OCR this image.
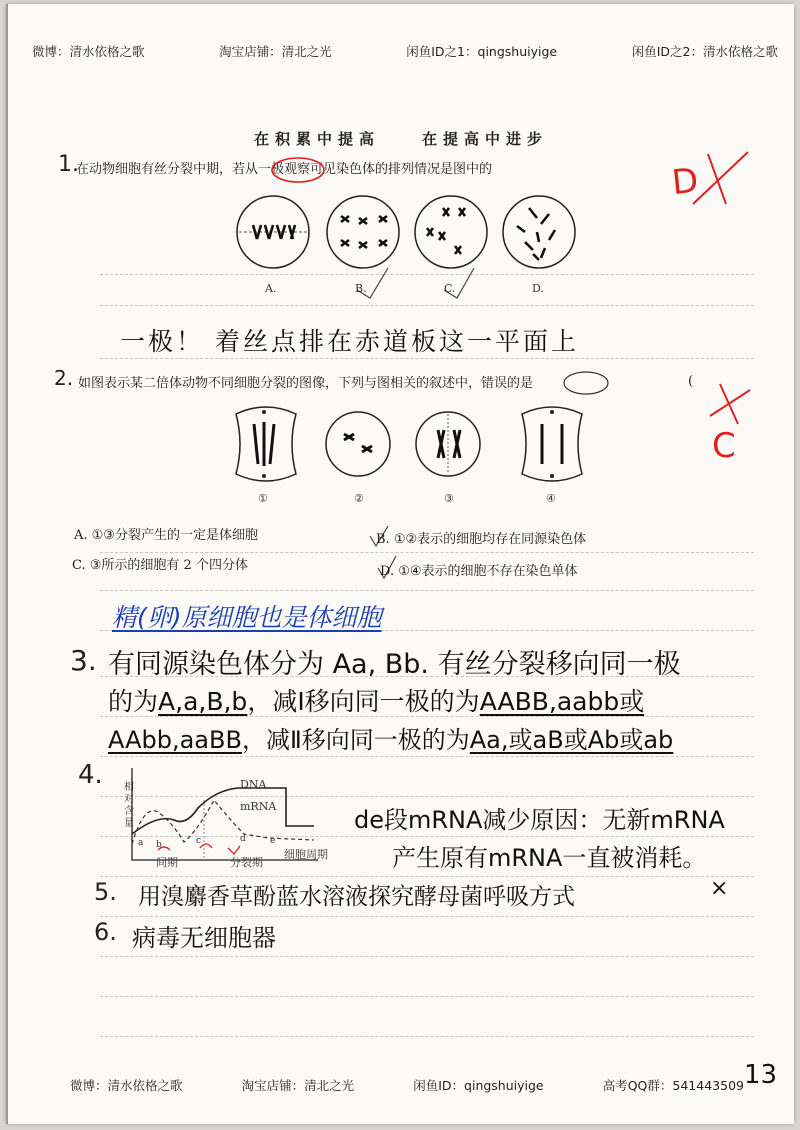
微博：清水依格之歌	淘宝店铺：清北之光	闲鱼ID之1：qingshuiyige	闲鱼ID之2：清水依格之歌
在积累中提高	在提高中进步
1.
在动物细胞有丝分裂中期，若从一极观察可见染色体的排列情况是图中的	D
A.	B.	C.	D.
一极！ 着丝点排在赤道板这一平面上
2. 如图表示某二倍体动物不同细胞分裂的图像，下列与图相关的叙述中，错误的是	(
C
①	②	③	④
A. ①③分裂产生的一定是体细胞	B. ①②表示的细胞均存在同源染色体
C. ③所示的细胞有 2 个四分体	D. ①④表示的细胞不存在染色单体
精(卵)原细胞也是体细胞
3. 有同源染色体分为 Aa, Bb. 有丝分裂移向同一极
的为A,a,B,b，减Ⅰ移向同一极的为AABB,aabb或
AAbb,aaBB，减Ⅱ移向同一极的为Aa,或aB或Ab或ab
4. 相对含量
DNA
mRNA
间期	分裂期
细胞周期
a b	c	d	e
de段mRNA减少原因：无新mRNA
产生原有mRNA一直被消耗。
5. 用溴麝香草酚蓝水溶液探究酵母菌呼吸方式	×
6. 病毒无细胞器
微博：清水依格之歌	淘宝店铺：清北之光	闲鱼ID：qingshuiyige	高考QQ群：541443509 13
